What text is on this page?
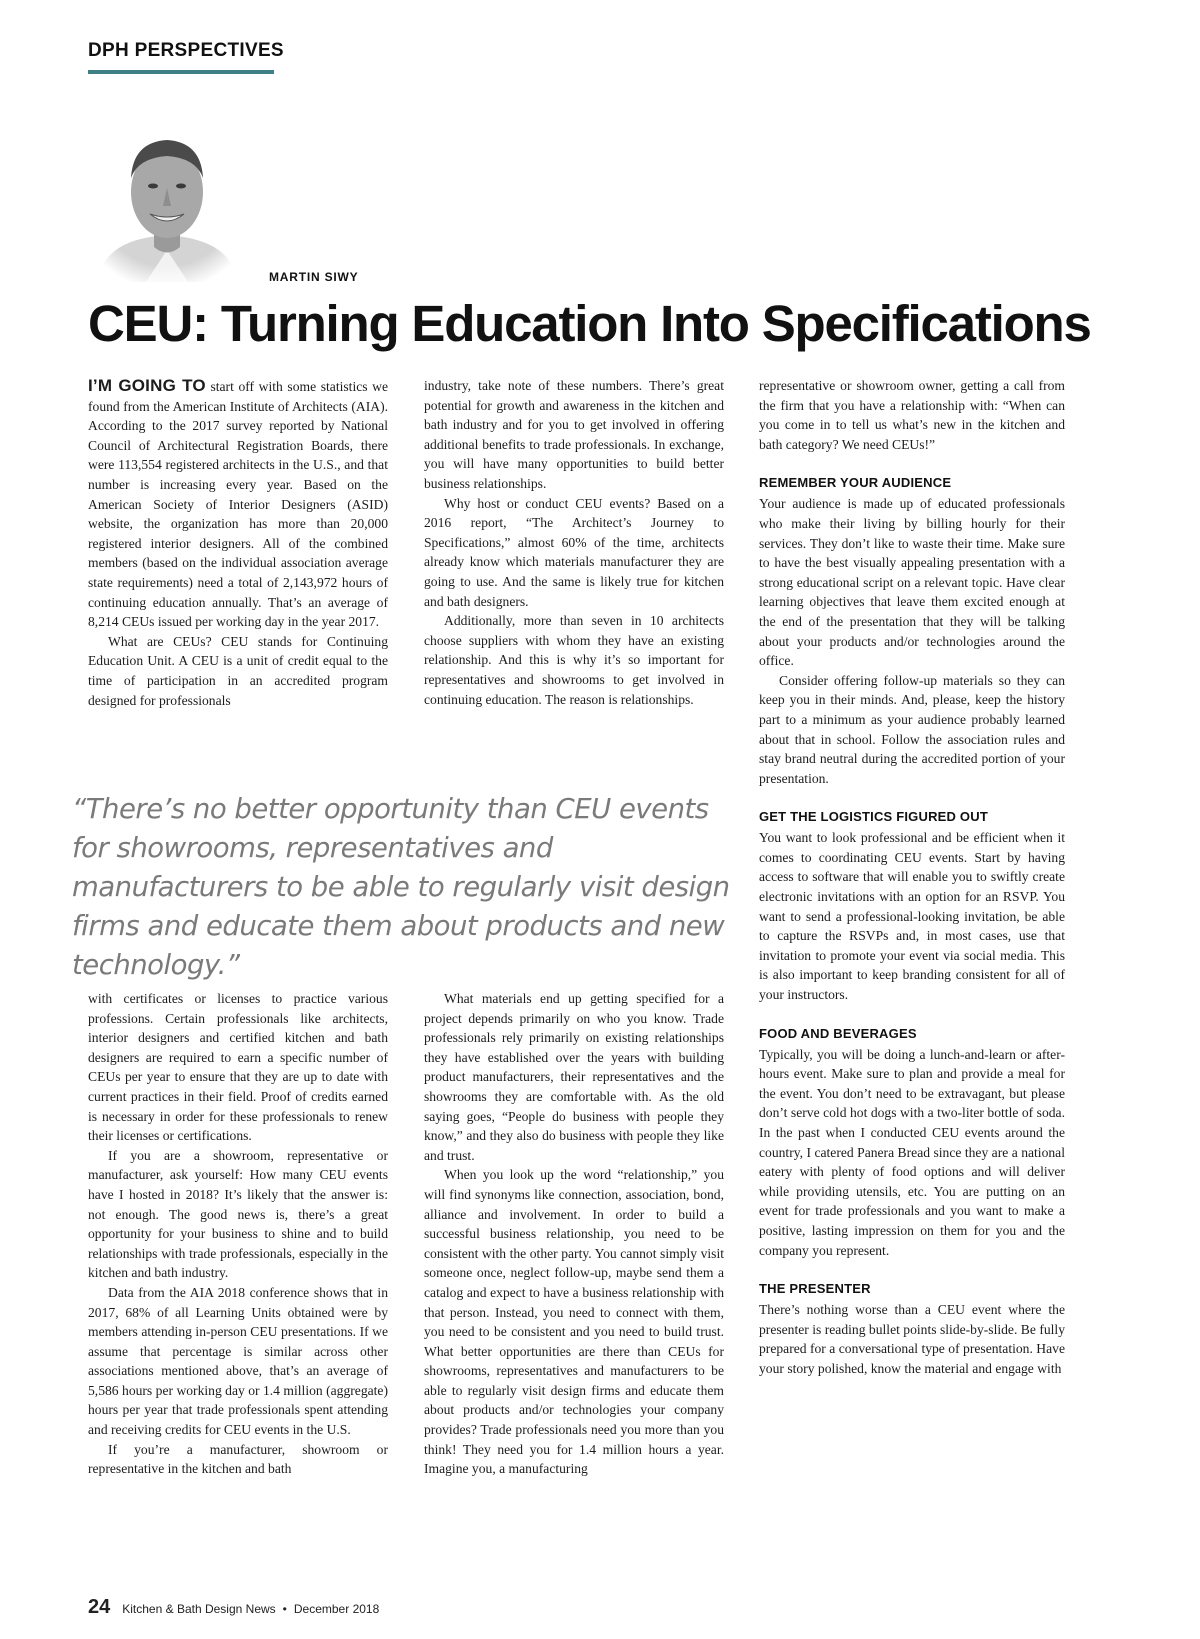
DPH PERSPECTIVES
MARTIN SIWY
CEU: Turning Education Into Specifications

I’M GOING TO start off with some statistics we found from the American Institute of Architects (AIA). According to the 2017 survey reported by National Council of Architectural Registration Boards, there were 113,554 registered architects in the U.S., and that number is increasing every year. Based on the American Society of Interior Designers (ASID) website, the organization has more than 20,000 registered interior designers. All of the combined members (based on the individual association average state requirements) need a total of 2,143,972 hours of continuing education annually. That’s an average of 8,214 CEUs issued per working day in the year 2017.

What are CEUs? CEU stands for Continuing Education Unit. A CEU is a unit of credit equal to the time of participation in an accredited program designed for professionals

industry, take note of these numbers. There’s great potential for growth and awareness in the kitchen and bath industry and for you to get involved in offering additional benefits to trade professionals. In exchange, you will have many opportunities to build better business relationships.

Why host or conduct CEU events? Based on a 2016 report, “The Architect’s Journey to Specifications,” almost 60% of the time, architects already know which materials manufacturer they are going to use. And the same is likely true for kitchen and bath designers.

Additionally, more than seven in 10 architects choose suppliers with whom they have an existing relationship. And this is why it’s so important for representatives and showrooms to get involved in continuing education. The reason is relationships.

“There’s no better opportunity than CEU events for showrooms, representatives and manufacturers to be able to regularly visit design firms and educate them about products and new technology.”

with certificates or licenses to practice various professions. Certain professionals like architects, interior designers and certified kitchen and bath designers are required to earn a specific number of CEUs per year to ensure that they are up to date with current practices in their field. Proof of credits earned is necessary in order for these professionals to renew their licenses or certifications.

If you are a showroom, representative or manufacturer, ask yourself: How many CEU events have I hosted in 2018? It’s likely that the answer is: not enough. The good news is, there’s a great opportunity for your business to shine and to build relationships with trade professionals, especially in the kitchen and bath industry.

Data from the AIA 2018 conference shows that in 2017, 68% of all Learning Units obtained were by members attending in-person CEU presentations. If we assume that percentage is similar across other associations mentioned above, that’s an average of 5,586 hours per working day or 1.4 million (aggregate) hours per year that trade professionals spent attending and receiving credits for CEU events in the U.S.

If you’re a manufacturer, showroom or representative in the kitchen and bath

What materials end up getting specified for a project depends primarily on who you know. Trade professionals rely primarily on existing relationships they have established over the years with building product manufacturers, their representatives and the showrooms they are comfortable with. As the old saying goes, “People do business with people they know,” and they also do business with people they like and trust.

When you look up the word “relationship,” you will find synonyms like connection, association, bond, alliance and involvement. In order to build a successful business relationship, you need to be consistent with the other party. You cannot simply visit someone once, neglect follow-up, maybe send them a catalog and expect to have a business relationship with that person. Instead, you need to connect with them, you need to be consistent and you need to build trust. What better opportunities are there than CEUs for showrooms, representatives and manufacturers to be able to regularly visit design firms and educate them about products and/or technologies your company provides? Trade professionals need you more than you think! They need you for 1.4 million hours a year. Imagine you, a manufacturing

representative or showroom owner, getting a call from the firm that you have a relationship with: “When can you come in to tell us what’s new in the kitchen and bath category? We need CEUs!”

REMEMBER YOUR AUDIENCE

Your audience is made up of educated professionals who make their living by billing hourly for their services. They don’t like to waste their time. Make sure to have the best visually appealing presentation with a strong educational script on a relevant topic. Have clear learning objectives that leave them excited enough at the end of the presentation that they will be talking about your products and/or technologies around the office.

Consider offering follow-up materials so they can keep you in their minds. And, please, keep the history part to a minimum as your audience probably learned about that in school. Follow the association rules and stay brand neutral during the accredited portion of your presentation.

GET THE LOGISTICS FIGURED OUT

You want to look professional and be efficient when it comes to coordinating CEU events. Start by having access to software that will enable you to swiftly create electronic invitations with an option for an RSVP. You want to send a professional-looking invitation, be able to capture the RSVPs and, in most cases, use that invitation to promote your event via social media. This is also important to keep branding consistent for all of your instructors.

FOOD AND BEVERAGES

Typically, you will be doing a lunch-and-learn or after-hours event. Make sure to plan and provide a meal for the event. You don’t need to be extravagant, but please don’t serve cold hot dogs with a two-liter bottle of soda. In the past when I conducted CEU events around the country, I catered Panera Bread since they are a national eatery with plenty of food options and will deliver while providing utensils, etc. You are putting on an event for trade professionals and you want to make a positive, lasting impression on them for you and the company you represent.

THE PRESENTER

There’s nothing worse than a CEU event where the presenter is reading bullet points slide-by-slide. Be fully prepared for a conversational type of presentation. Have your story polished, know the material and engage with

24 Kitchen & Bath Design News • December 2018
